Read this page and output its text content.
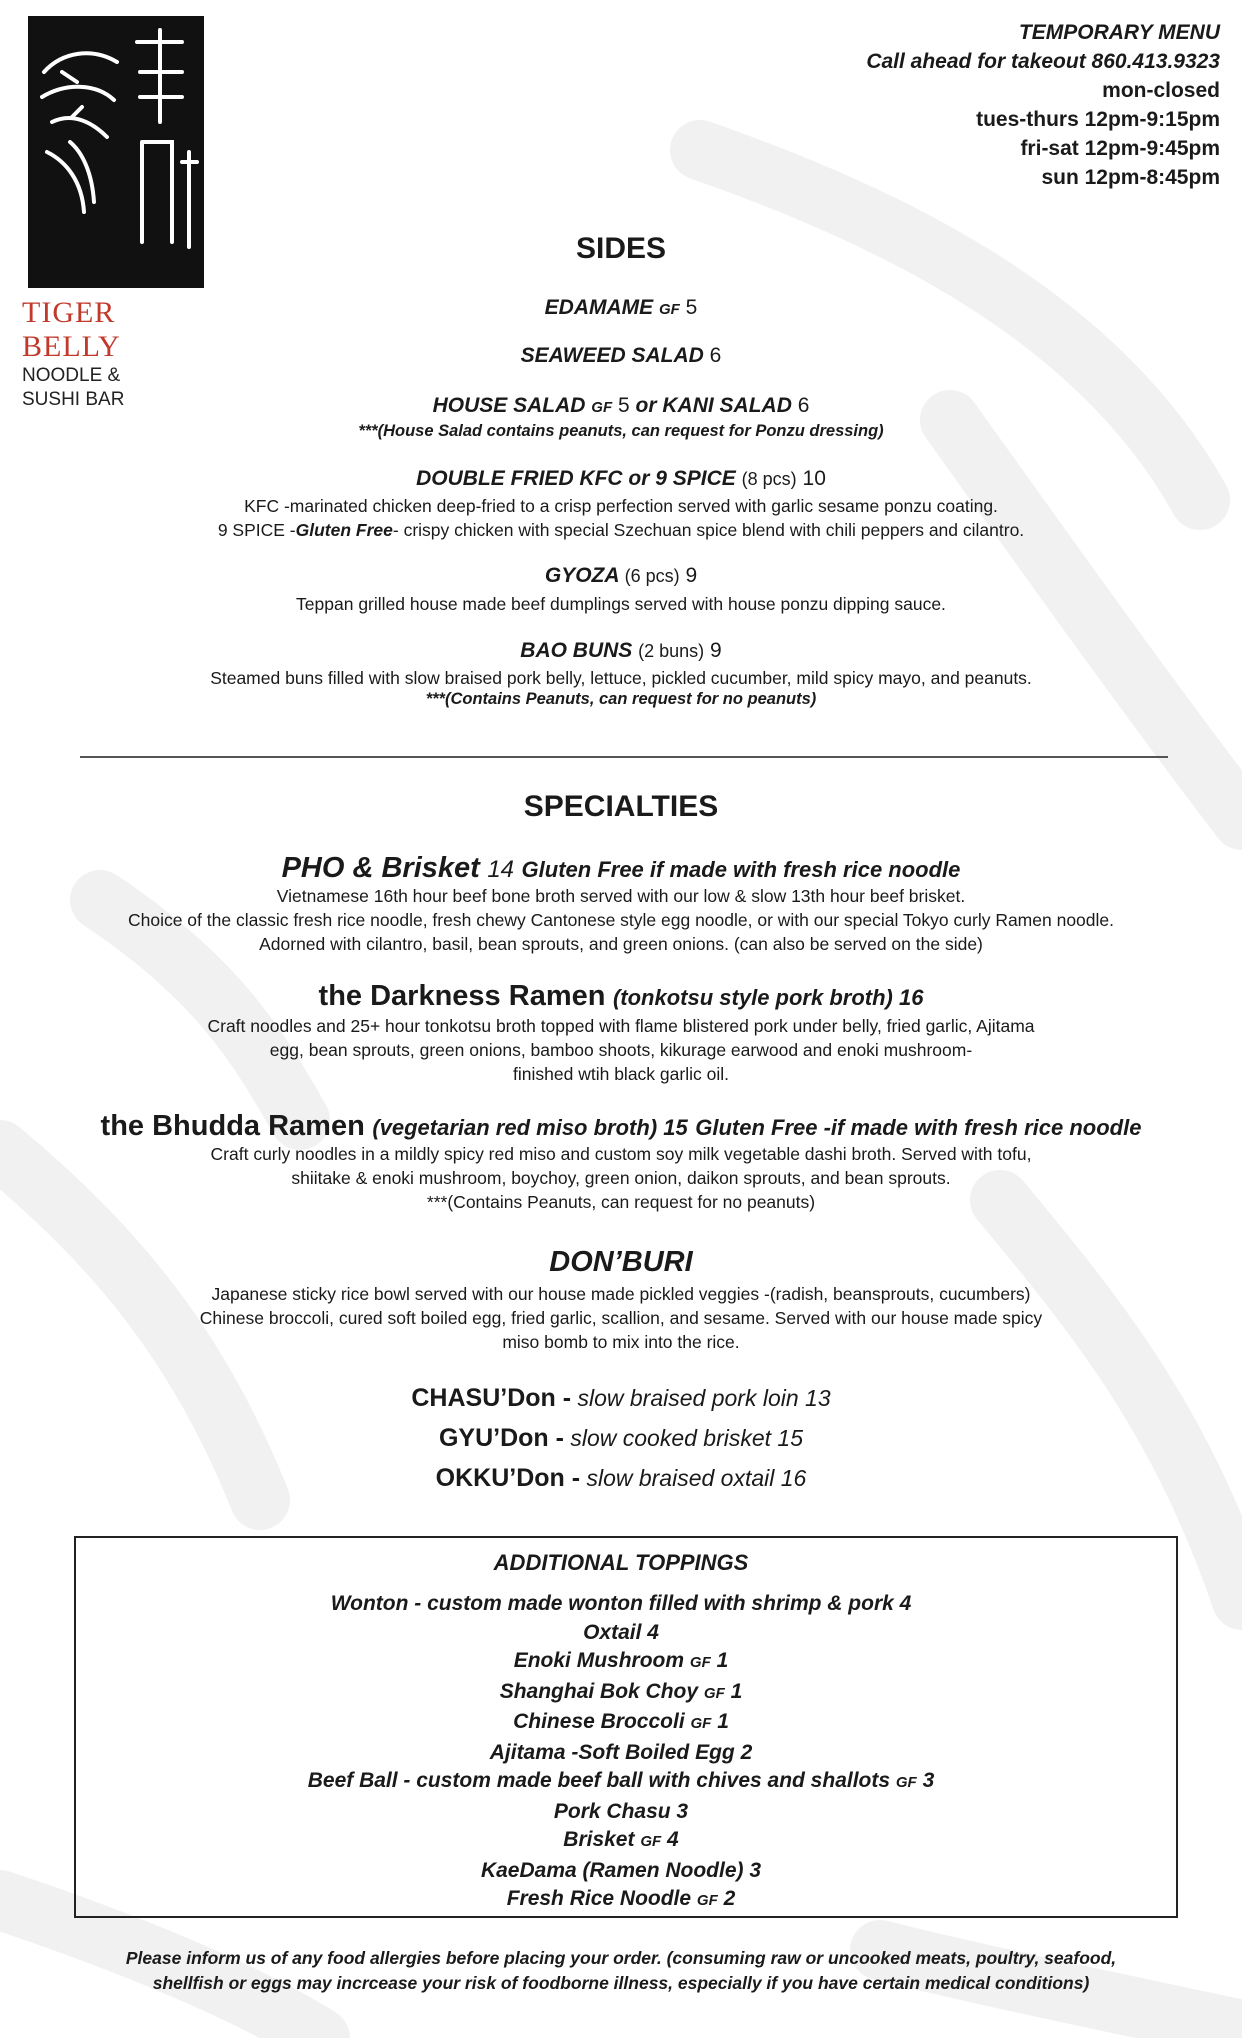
TIGER BELLY
NOODLE &
SUSHI BAR
TEMPORARY MENU
Call ahead for takeout 860.413.9323
mon-closed
tues-thurs 12pm-9:15pm
fri-sat 12pm-9:45pm
sun 12pm-8:45pm
SIDES
EDAMAME GF 5
SEAWEED SALAD 6
HOUSE SALAD GF 5 or KANI SALAD 6
***(House Salad contains peanuts, can request for Ponzu dressing)
DOUBLE FRIED KFC or 9 SPICE (8 pcs) 10
KFC -marinated chicken deep-fried to a crisp perfection served with garlic sesame ponzu coating.
9 SPICE -Gluten Free- crispy chicken with special Szechuan spice blend with chili peppers and cilantro.
GYOZA (6 pcs) 9
Teppan grilled house made beef dumplings served with house ponzu dipping sauce.
BAO BUNS (2 buns) 9
Steamed buns filled with slow braised pork belly, lettuce, pickled cucumber, mild spicy mayo, and peanuts.
***(Contains Peanuts, can request for no peanuts)
SPECIALTIES
PHO & Brisket 14 Gluten Free if made with fresh rice noodle
Vietnamese 16th hour beef bone broth served with our low & slow 13th hour beef brisket.
Choice of the classic fresh rice noodle, fresh chewy Cantonese style egg noodle, or with our special Tokyo curly Ramen noodle.
Adorned with cilantro, basil, bean sprouts, and green onions. (can also be served on the side)
the Darkness Ramen (tonkotsu style pork broth) 16
Craft noodles and 25+ hour tonkotsu broth topped with flame blistered pork under belly, fried garlic, Ajitama
egg, bean sprouts, green onions, bamboo shoots, kikurage earwood and enoki mushroom-
finished wtih black garlic oil.
the Bhudda Ramen (vegetarian red miso broth) 15 Gluten Free -if made with fresh rice noodle
Craft curly noodles in a mildly spicy red miso and custom soy milk vegetable dashi broth. Served with tofu,
shiitake & enoki mushroom, boychoy, green onion, daikon sprouts, and bean sprouts.
***(Contains Peanuts, can request for no peanuts)
DON’BURI
Japanese sticky rice bowl served with our house made pickled veggies -(radish, beansprouts, cucumbers)
Chinese broccoli, cured soft boiled egg, fried garlic, scallion, and sesame. Served with our house made spicy
miso bomb to mix into the rice.
CHASU’Don - slow braised pork loin 13
GYU’Don - slow cooked brisket 15
OKKU’Don - slow braised oxtail 16
ADDITIONAL TOPPINGS
Wonton - custom made wonton filled with shrimp & pork 4
Oxtail 4
Enoki Mushroom GF 1
Shanghai Bok Choy GF 1
Chinese Broccoli GF 1
Ajitama -Soft Boiled Egg 2
Beef Ball - custom made beef ball with chives and shallots GF 3
Pork Chasu 3
Brisket GF 4
KaeDama (Ramen Noodle) 3
Fresh Rice Noodle GF 2
Please inform us of any food allergies before placing your order. (consuming raw or uncooked meats, poultry, seafood,
shellfish or eggs may incrcease your risk of foodborne illness, especially if you have certain medical conditions)
